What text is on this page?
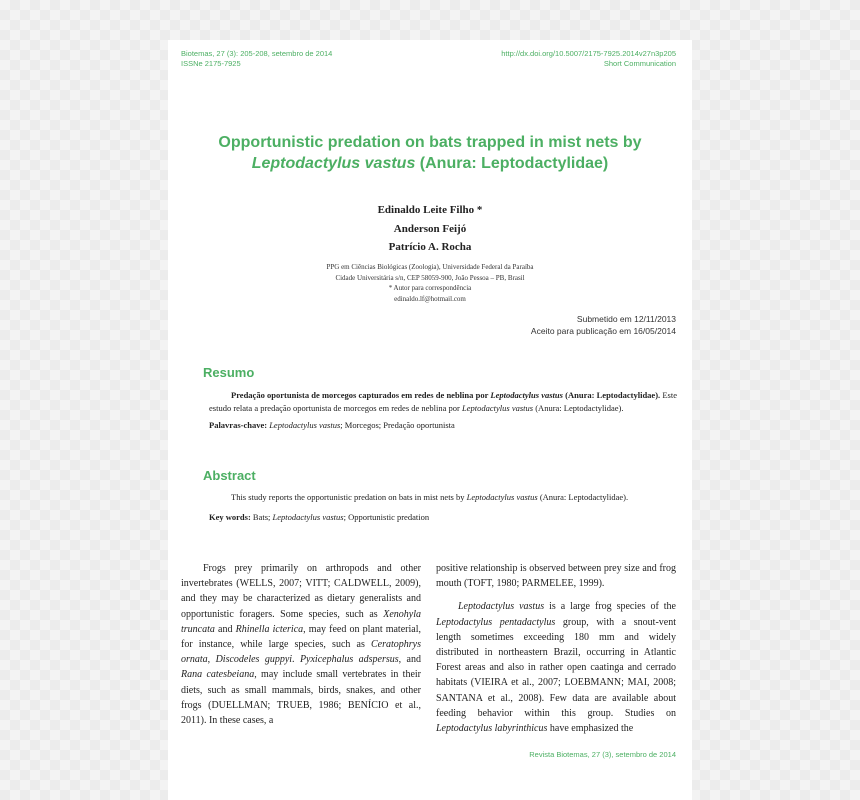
Biotemas, 27 (3): 205-208, setembro de 2014
ISSNe 2175-7925
http://dx.doi.org/10.5007/2175-7925.2014v27n3p205
Short Communication
Opportunistic predation on bats trapped in mist nets by
Leptodactylus vastus (Anura: Leptodactylidae)
Edinaldo Leite Filho *
Anderson Feijó
Patrício A. Rocha
PPG em Ciências Biológicas (Zoologia), Universidade Federal da Paraíba
Cidade Universitária s/n, CEP 58059-900, João Pessoa – PB, Brasil
* Autor para correspondência
edinaldo.lf@hotmail.com
Submetido em 12/11/2013
Aceito para publicação em 16/05/2014
Resumo

Predação oportunista de morcegos capturados em redes de neblina por Leptodactylus vastus (Anura: Leptodactylidae). Este estudo relata a predação oportunista de morcegos em redes de neblina por Leptodactylus vastus (Anura: Leptodactylidae).

Palavras-chave: Leptodactylus vastus; Morcegos; Predação oportunista

Abstract

This study reports the opportunistic predation on bats in mist nets by Leptodactylus vastus (Anura: Leptodactylidae).

Key words: Bats; Leptodactylus vastus; Opportunistic predation

Frogs prey primarily on arthropods and other invertebrates (WELLS, 2007; VITT; CALDWELL, 2009), and they may be characterized as dietary generalists and opportunistic foragers. Some species, such as Xenohyla truncata and Rhinella icterica, may feed on plant material, for instance, while large species, such as Ceratophrys ornata, Discodeles guppyi. Pyxicephalus adspersus, and Rana catesbeiana, may include small vertebrates in their diets, such as small mammals, birds, snakes, and other frogs (DUELLMAN; TRUEB, 1986; BENÍCIO et al., 2011). In these cases, a

positive relationship is observed between prey size and frog mouth (TOFT, 1980; PARMELEE, 1999).

Leptodactylus vastus is a large frog species of the Leptodactylus pentadactylus group, with a snout-vent length sometimes exceeding 180 mm and widely distributed in northeastern Brazil, occurring in Atlantic Forest areas and also in rather open caatinga and cerrado habitats (VIEIRA et al., 2007; LOEBMANN; MAI, 2008; SANTANA et al., 2008). Few data are available about feeding behavior within this group. Studies on Leptodactylus labyrinthicus have emphasized the

Revista Biotemas, 27 (3), setembro de 2014
